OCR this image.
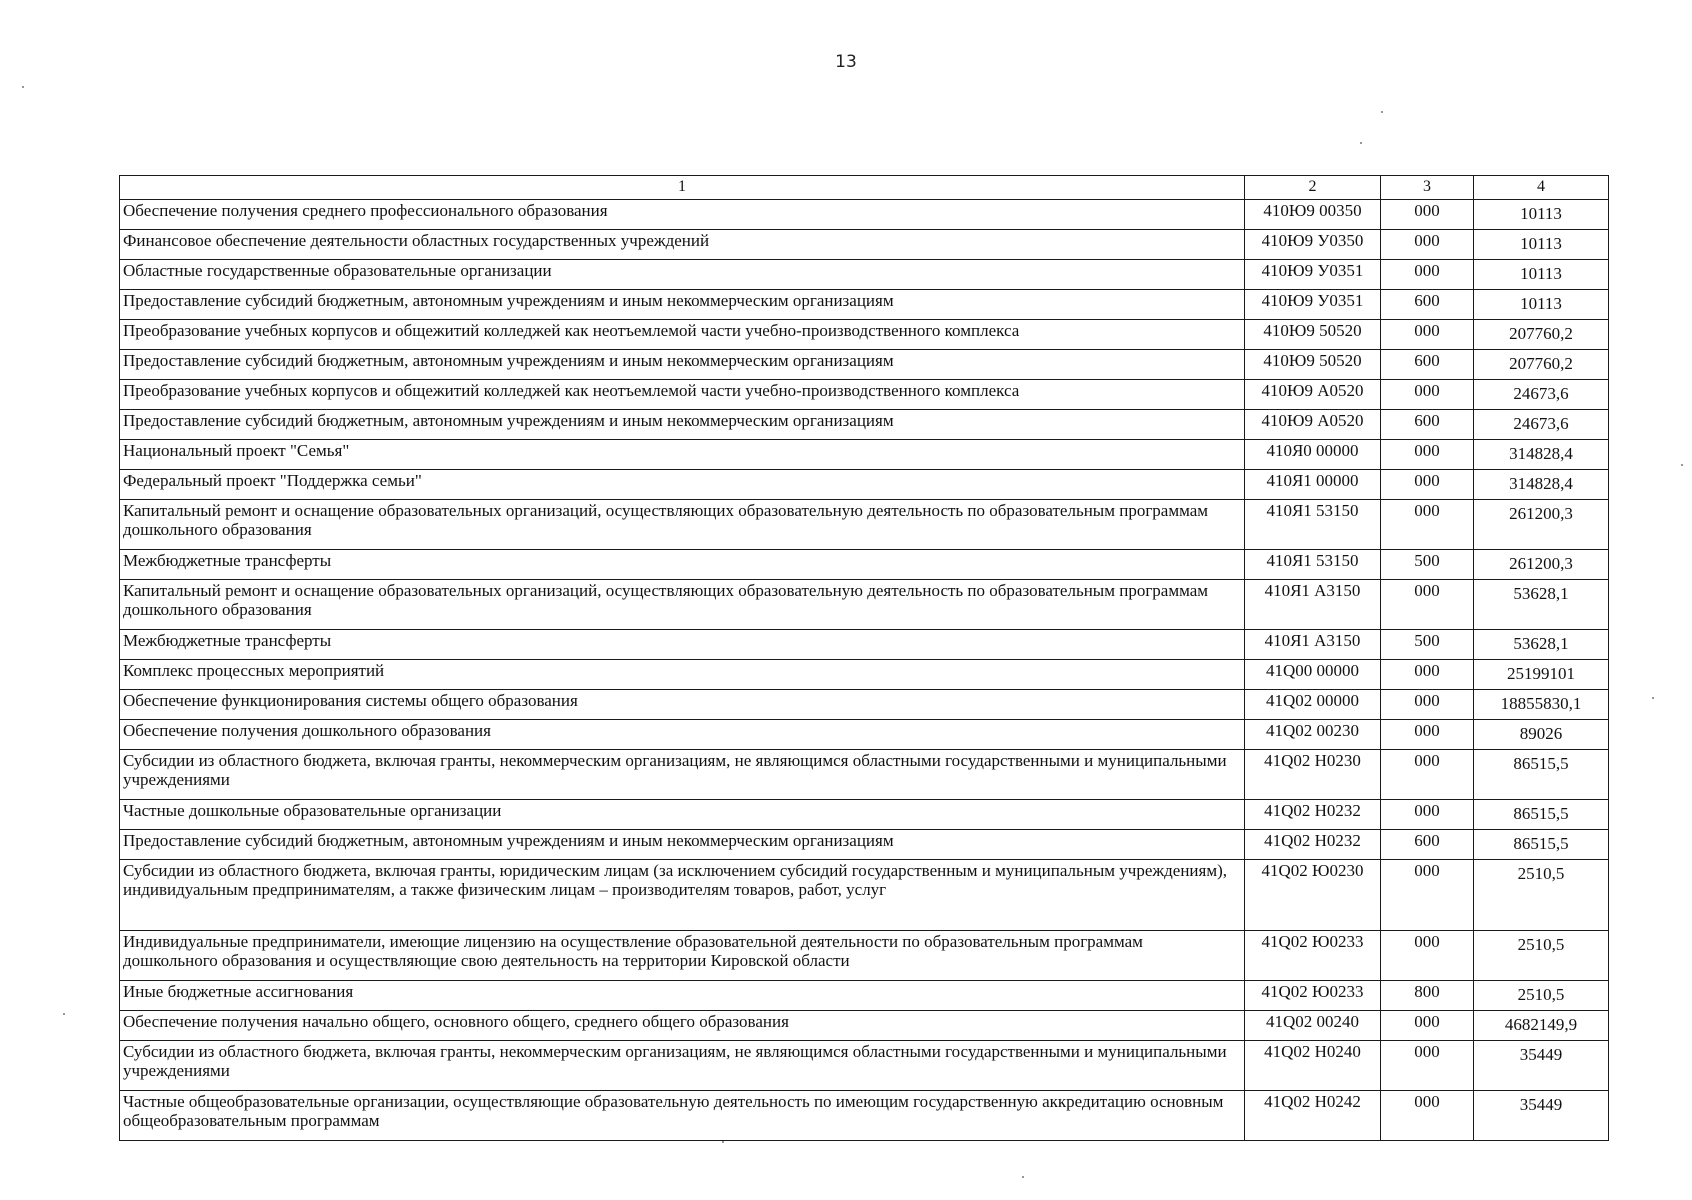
13
1	2	3	4
Обеспечение получения среднего профессионального образования	410Ю9 00350	000	10113
Финансовое обеспечение деятельности областных государственных учреждений	410Ю9 У0350	000	10113
Областные государственные образовательные организации	410Ю9 У0351	000	10113
Предоставление субсидий бюджетным, автономным учреждениям и иным некоммерческим организациям	410Ю9 У0351	600	10113
Преобразование учебных корпусов и общежитий колледжей как неотъемлемой части учебно-производственного комплекса	410Ю9 50520	000	207760,2
Предоставление субсидий бюджетным, автономным учреждениям и иным некоммерческим организациям	410Ю9 50520	600	207760,2
Преобразование учебных корпусов и общежитий колледжей как неотъемлемой части учебно-производственного комплекса	410Ю9 А0520	000	24673,6
Предоставление субсидий бюджетным, автономным учреждениям и иным некоммерческим организациям	410Ю9 А0520	600	24673,6
Национальный проект "Семья"	410Я0 00000	000	314828,4
Федеральный проект "Поддержка семьи"	410Я1 00000	000	314828,4
Капитальный ремонт и оснащение образовательных организаций, осуществляющих образовательную деятельность по образовательным программам дошкольного образования	410Я1 53150	000	261200,3
Межбюджетные трансферты	410Я1 53150	500	261200,3
Капитальный ремонт и оснащение образовательных организаций, осуществляющих образовательную деятельность по образовательным программам дошкольного образования	410Я1 А3150	000	53628,1
Межбюджетные трансферты	410Я1 А3150	500	53628,1
Комплекс процессных мероприятий	41Q00 00000	000	25199101
Обеспечение функционирования системы общего образования	41Q02 00000	000	18855830,1
Обеспечение получения дошкольного образования	41Q02 00230	000	89026
Субсидии из областного бюджета, включая гранты, некоммерческим организациям, не являющимся областными государственными и муниципальными учреждениями	41Q02 Н0230	000	86515,5
Частные дошкольные образовательные организации	41Q02 Н0232	000	86515,5
Предоставление субсидий бюджетным, автономным учреждениям и иным некоммерческим организациям	41Q02 Н0232	600	86515,5
Субсидии из областного бюджета, включая гранты, юридическим лицам (за исключением субсидий государственным и муниципальным учреждениям), индивидуальным предпринимателям, а также физическим лицам – производителям товаров, работ, услуг	41Q02 Ю0230	000	2510,5
Индивидуальные предприниматели, имеющие лицензию на осуществление образовательной деятельности по образовательным программам дошкольного образования и осуществляющие свою деятельность на территории Кировской области	41Q02 Ю0233	000	2510,5
Иные бюджетные ассигнования	41Q02 Ю0233	800	2510,5
Обеспечение получения начально общего, основного общего, среднего общего образования	41Q02 00240	000	4682149,9
Субсидии из областного бюджета, включая гранты, некоммерческим организациям, не являющимся областными государственными и муниципальными учреждениями	41Q02 Н0240	000	35449
Частные общеобразовательные организации, осуществляющие образовательную деятельность по имеющим государственную аккредитацию основным общеобразовательным программам	41Q02 Н0242	000	35449
